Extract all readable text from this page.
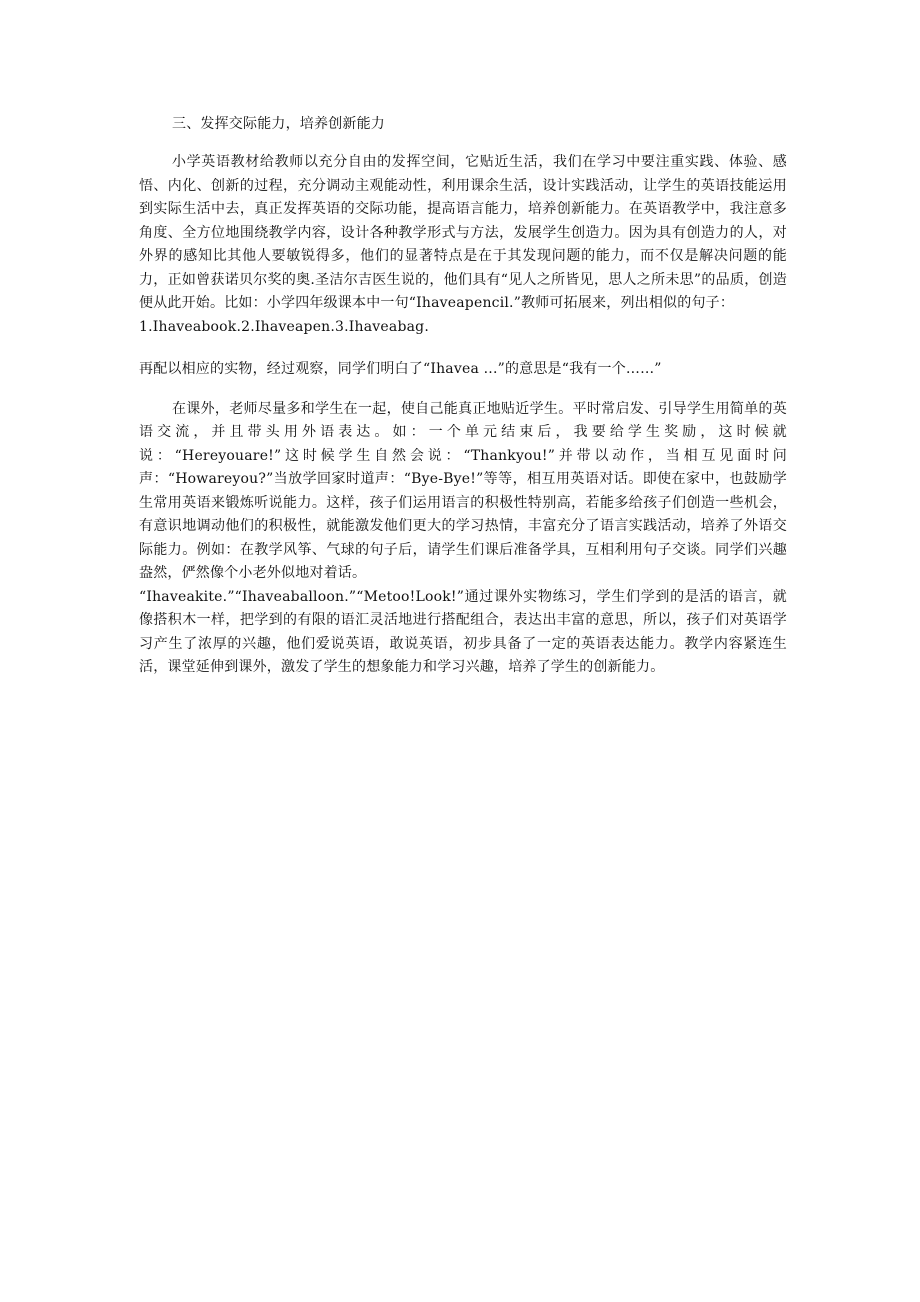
三、发挥交际能力，培养创新能力

小学英语教材给教师以充分自由的发挥空间，它贴近生活，我们在学习中要注重实践、体验、感悟、内化、创新的过程，充分调动主观能动性，利用课余生活，设计实践活动，让学生的英语技能运用到实际生活中去，真正发挥英语的交际功能，提高语言能力，培养创新能力。在英语教学中，我注意多角度、全方位地围绕教学内容，设计各种教学形式与方法，发展学生创造力。因为具有创造力的人，对外界的感知比其他人要敏锐得多，他们的显著特点是在于其发现问题的能力，而不仅是解决问题的能力，正如曾获诺贝尔奖的奥.圣洁尔吉医生说的，他们具有“见人之所皆见，思人之所未思”的品质，创造便从此开始。比如：小学四年级课本中一句“Ihaveapencil.”教师可拓展来，列出相似的句子：

1.Ihaveabook.2.Ihaveapen.3.Ihaveabag.

再配以相应的实物，经过观察，同学们明白了“Ihavea ...”的意思是“我有一个……”

在课外，老师尽量多和学生在一起，使自己能真正地贴近学生。平时常启发、引导学生用简单的英语交流，并且带头用外语表达。如：一个单元结束后，我要给学生奖励，这时候就说：“Hereyouare!”这时候学生自然会说：“Thankyou!”并带以动作，当相互见面时问声：“Howareyou?”当放学回家时道声：“Bye-Bye!”等等，相互用英语对话。即使在家中，也鼓励学生常用英语来锻炼听说能力。这样，孩子们运用语言的积极性特别高，若能多给孩子们创造一些机会，有意识地调动他们的积极性，就能激发他们更大的学习热情，丰富充分了语言实践活动，培养了外语交际能力。例如：在教学风筝、气球的句子后，请学生们课后准备学具，互相利用句子交谈。同学们兴趣盎然，俨然像个小老外似地对着话。

“Ihaveakite.”“Ihaveaballoon.”“Metoo!Look!”通过课外实物练习，学生们学到的是活的语言，就像搭积木一样，把学到的有限的语汇灵活地进行搭配组合，表达出丰富的意思，所以，孩子们对英语学习产生了浓厚的兴趣，他们爱说英语，敢说英语，初步具备了一定的英语表达能力。教学内容紧连生活，课堂延伸到课外，激发了学生的想象能力和学习兴趣，培养了学生的创新能力。
